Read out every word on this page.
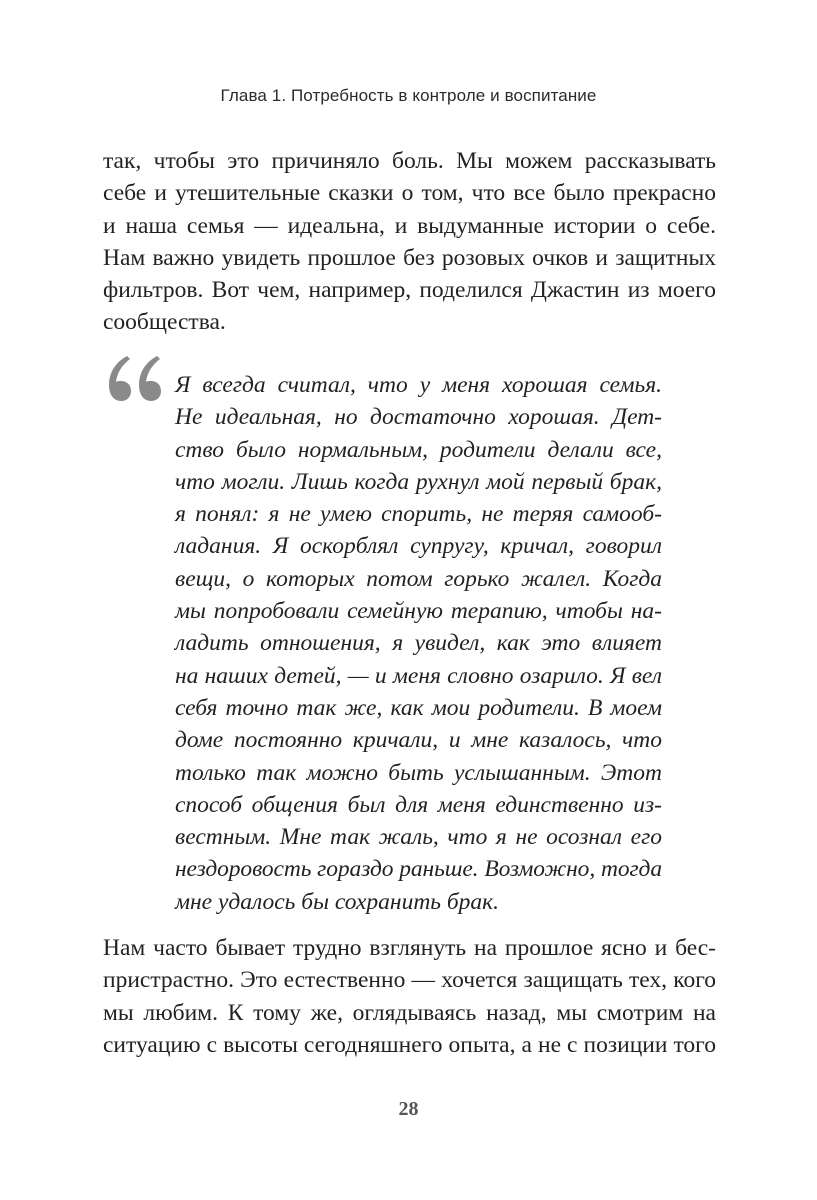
Глава 1. Потребность в контроле и воспитание
так, чтобы это причиняло боль. Мы можем рассказывать
себе и утешительные сказки о том, что все было прекрасно
и наша семья — идеальна, и выдуманные истории о себе.
Нам важно увидеть прошлое без розовых очков и защитных
фильтров. Вот чем, например, поделился Джастин из моего
сообщества.
Я всегда считал, что у меня хорошая семья.
Не идеальная, но достаточно хорошая. Дет-
ство было нормальным, родители делали все,
что могли. Лишь когда рухнул мой первый брак,
я понял: я не умею спорить, не теряя самооб-
ладания. Я оскорблял супругу, кричал, говорил
вещи, о которых потом горько жалел. Когда
мы попробовали семейную терапию, чтобы на-
ладить отношения, я увидел, как это влияет
на наших детей, — и меня словно озарило. Я вел
себя точно так же, как мои родители. В моем
доме постоянно кричали, и мне казалось, что
только так можно быть услышанным. Этот
способ общения был для меня единственно из-
вестным. Мне так жаль, что я не осознал его
нездоровость гораздо раньше. Возможно, тогда
мне удалось бы сохранить брак.
Нам часто бывает трудно взглянуть на прошлое ясно и бес-
пристрастно. Это естественно — хочется защищать тех, кого
мы любим. К тому же, оглядываясь назад, мы смотрим на
ситуацию с высоты сегодняшнего опыта, а не с позиции того
28
